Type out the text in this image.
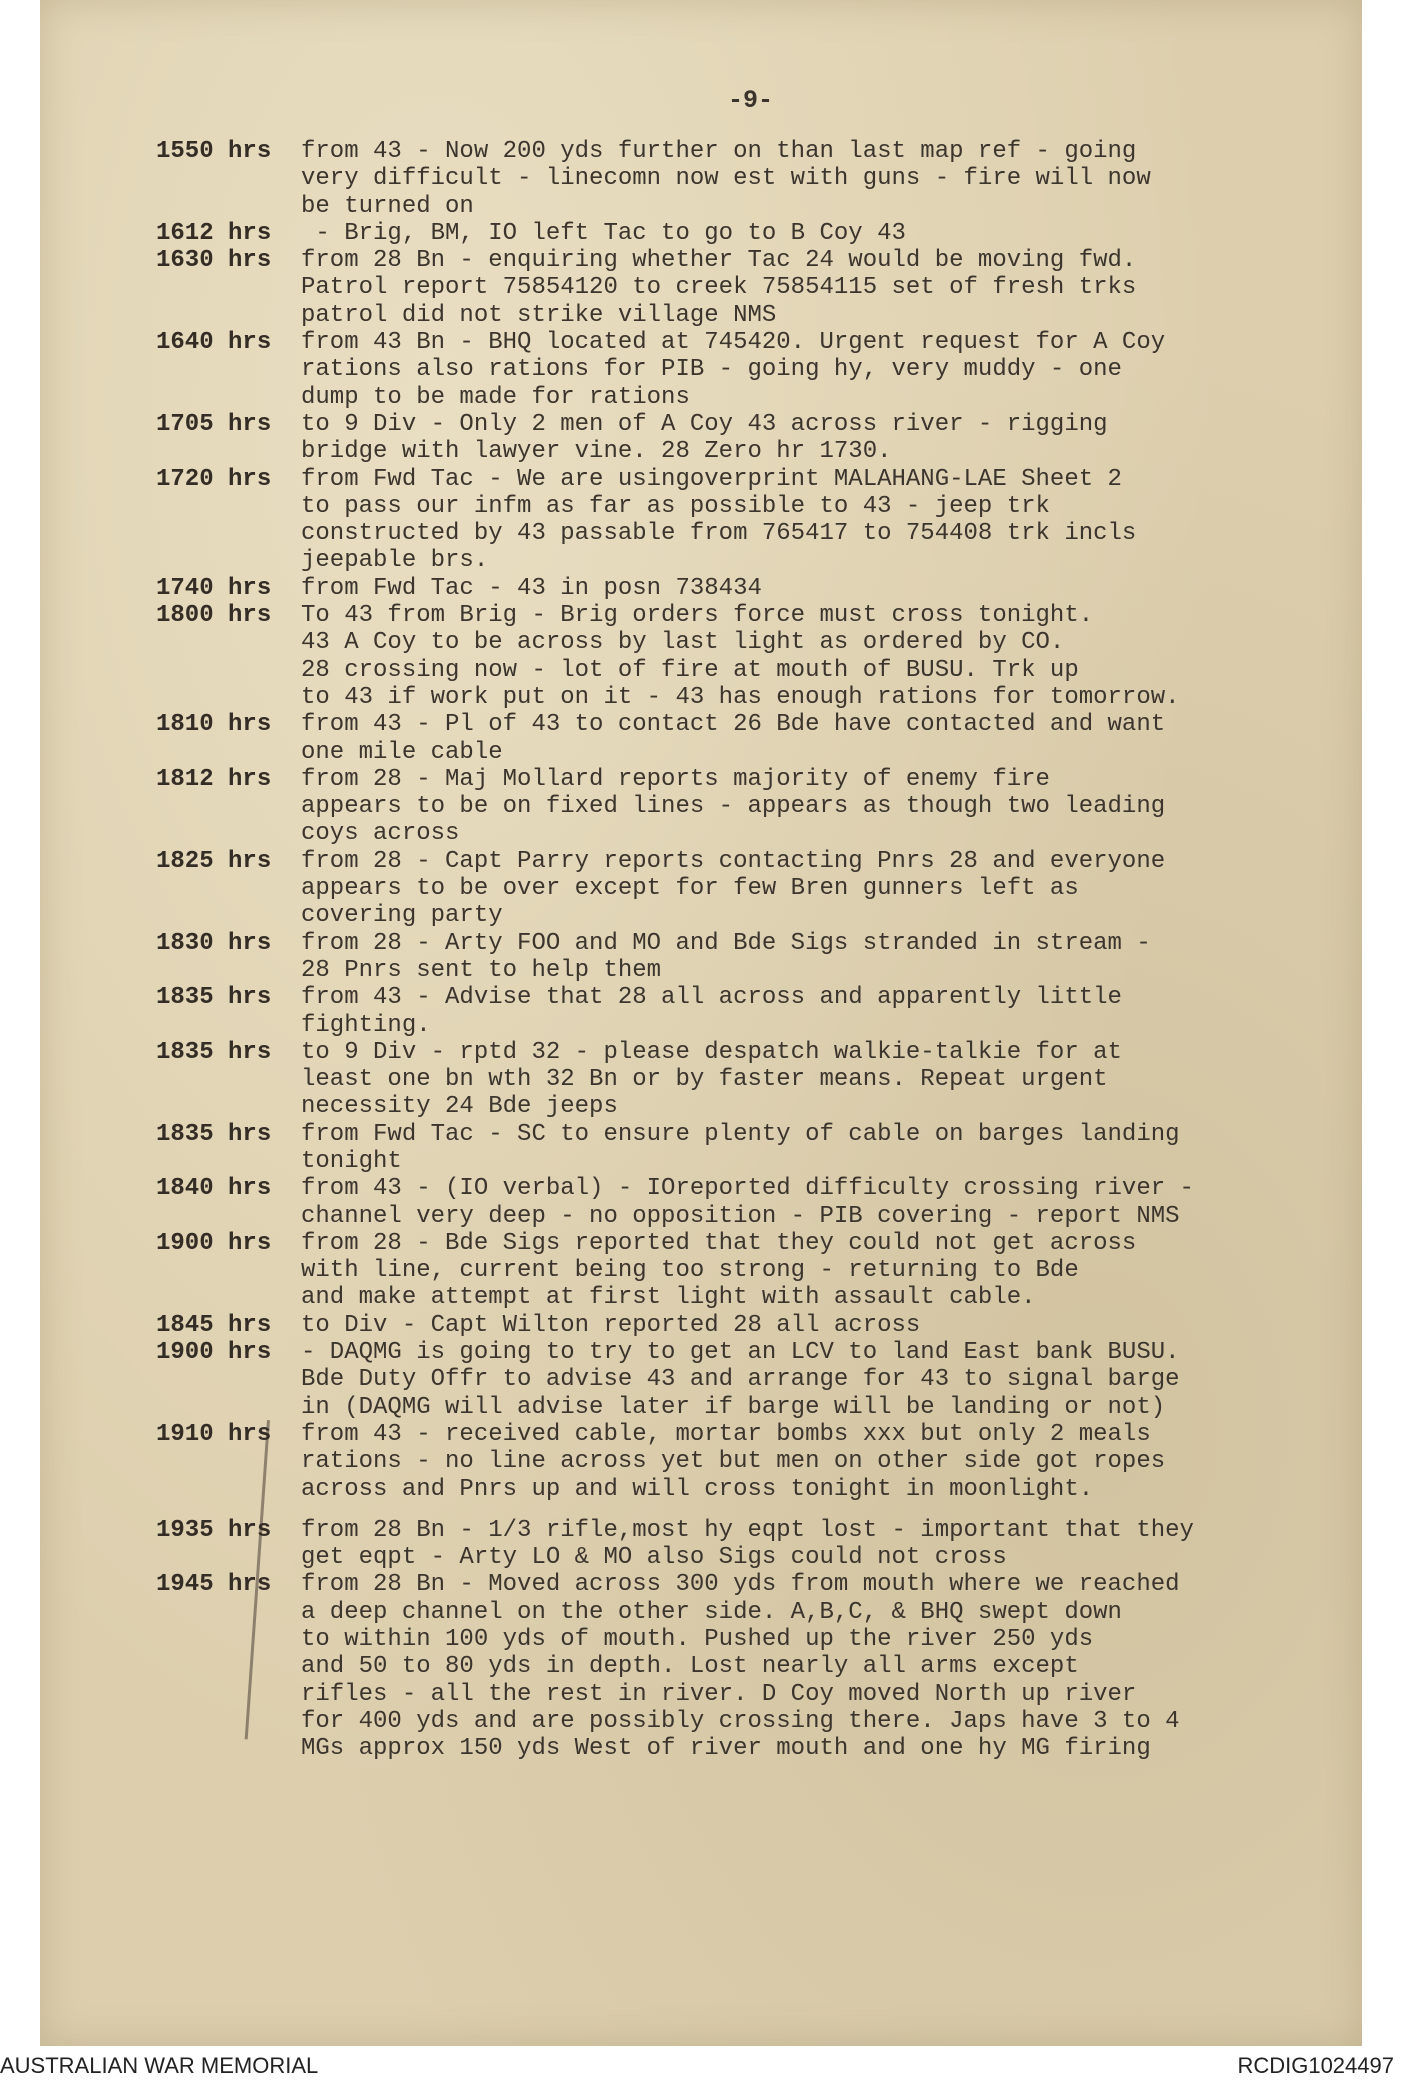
-9-
1550 hrs	from 43 - Now 200 yds further on than last map ref - going
very difficult - linecomn now est with guns - fire will now
be turned on
1612 hrs	- Brig, BM, IO left Tac to go to B Coy 43
1630 hrs	from 28 Bn - enquiring whether Tac 24 would be moving fwd.
Patrol report 75854120 to creek 75854115 set of fresh trks
patrol did not strike village NMS
1640 hrs	from 43 Bn - BHQ located at 745420. Urgent request for A Coy
rations also rations for PIB - going hy, very muddy - one
dump to be made for rations
1705 hrs	to 9 Div - Only 2 men of A Coy 43 across river - rigging
bridge with lawyer vine. 28 Zero hr 1730.
1720 hrs	from Fwd Tac - We are usingoverprint MALAHANG-LAE Sheet 2
to pass our infm as far as possible to 43 - jeep trk
constructed by 43 passable from 765417 to 754408 trk incls
jeepable brs.
1740 hrs	from Fwd Tac - 43 in posn 738434
1800 hrs	To 43 from Brig - Brig orders force must cross tonight.
43 A Coy to be across by last light as ordered by CO.
28 crossing now - lot of fire at mouth of BUSU. Trk up
to 43 if work put on it - 43 has enough rations for tomorrow.
1810 hrs	from 43 - Pl of 43 to contact 26 Bde have contacted and want
one mile cable
1812 hrs	from 28 - Maj Mollard reports majority of enemy fire
appears to be on fixed lines - appears as though two leading
coys across
1825 hrs	from 28 - Capt Parry reports contacting Pnrs 28 and everyone
appears to be over except for few Bren gunners left as
covering party
1830 hrs	from 28 - Arty FOO and MO and Bde Sigs stranded in stream -
28 Pnrs sent to help them
1835 hrs	from 43 - Advise that 28 all across and apparently little
fighting.
1835 hrs	to 9 Div - rptd 32 - please despatch walkie-talkie for at
least one bn wth 32 Bn or by faster means. Repeat urgent
necessity 24 Bde jeeps
1835 hrs	from Fwd Tac - SC to ensure plenty of cable on barges landing
tonight
1840 hrs	from 43 - (IO verbal) - IOreported difficulty crossing river -
channel very deep - no opposition - PIB covering - report NMS
1900 hrs	from 28 - Bde Sigs reported that they could not get across
with line, current being too strong - returning to Bde
and make attempt at first light with assault cable.
1845 hrs	to Div - Capt Wilton reported 28 all across
1900 hrs	- DAQMG is going to try to get an LCV to land East bank BUSU.
Bde Duty Offr to advise 43 and arrange for 43 to signal barge
in (DAQMG will advise later if barge will be landing or not)
1910 hrs	from 43 - received cable, mortar bombs xxx but only 2 meals
rations - no line across yet but men on other side got ropes
across and Pnrs up and will cross tonight in moonlight.
1935 hrs	from 28 Bn - 1/3 rifle,most hy eqpt lost - important that they
get eqpt - Arty LO & MO also Sigs could not cross
1945 hrs	from 28 Bn - Moved across 300 yds from mouth where we reached
a deep channel on the other side. A,B,C, & BHQ swept down
to within 100 yds of mouth. Pushed up the river 250 yds
and 50 to 80 yds in depth. Lost nearly all arms except
rifles - all the rest in river. D Coy moved North up river
for 400 yds and are possibly crossing there. Japs have 3 to 4
MGs approx 150 yds West of river mouth and one hy MG firing
AUSTRALIAN WAR MEMORIAL	RCDIG1024497
